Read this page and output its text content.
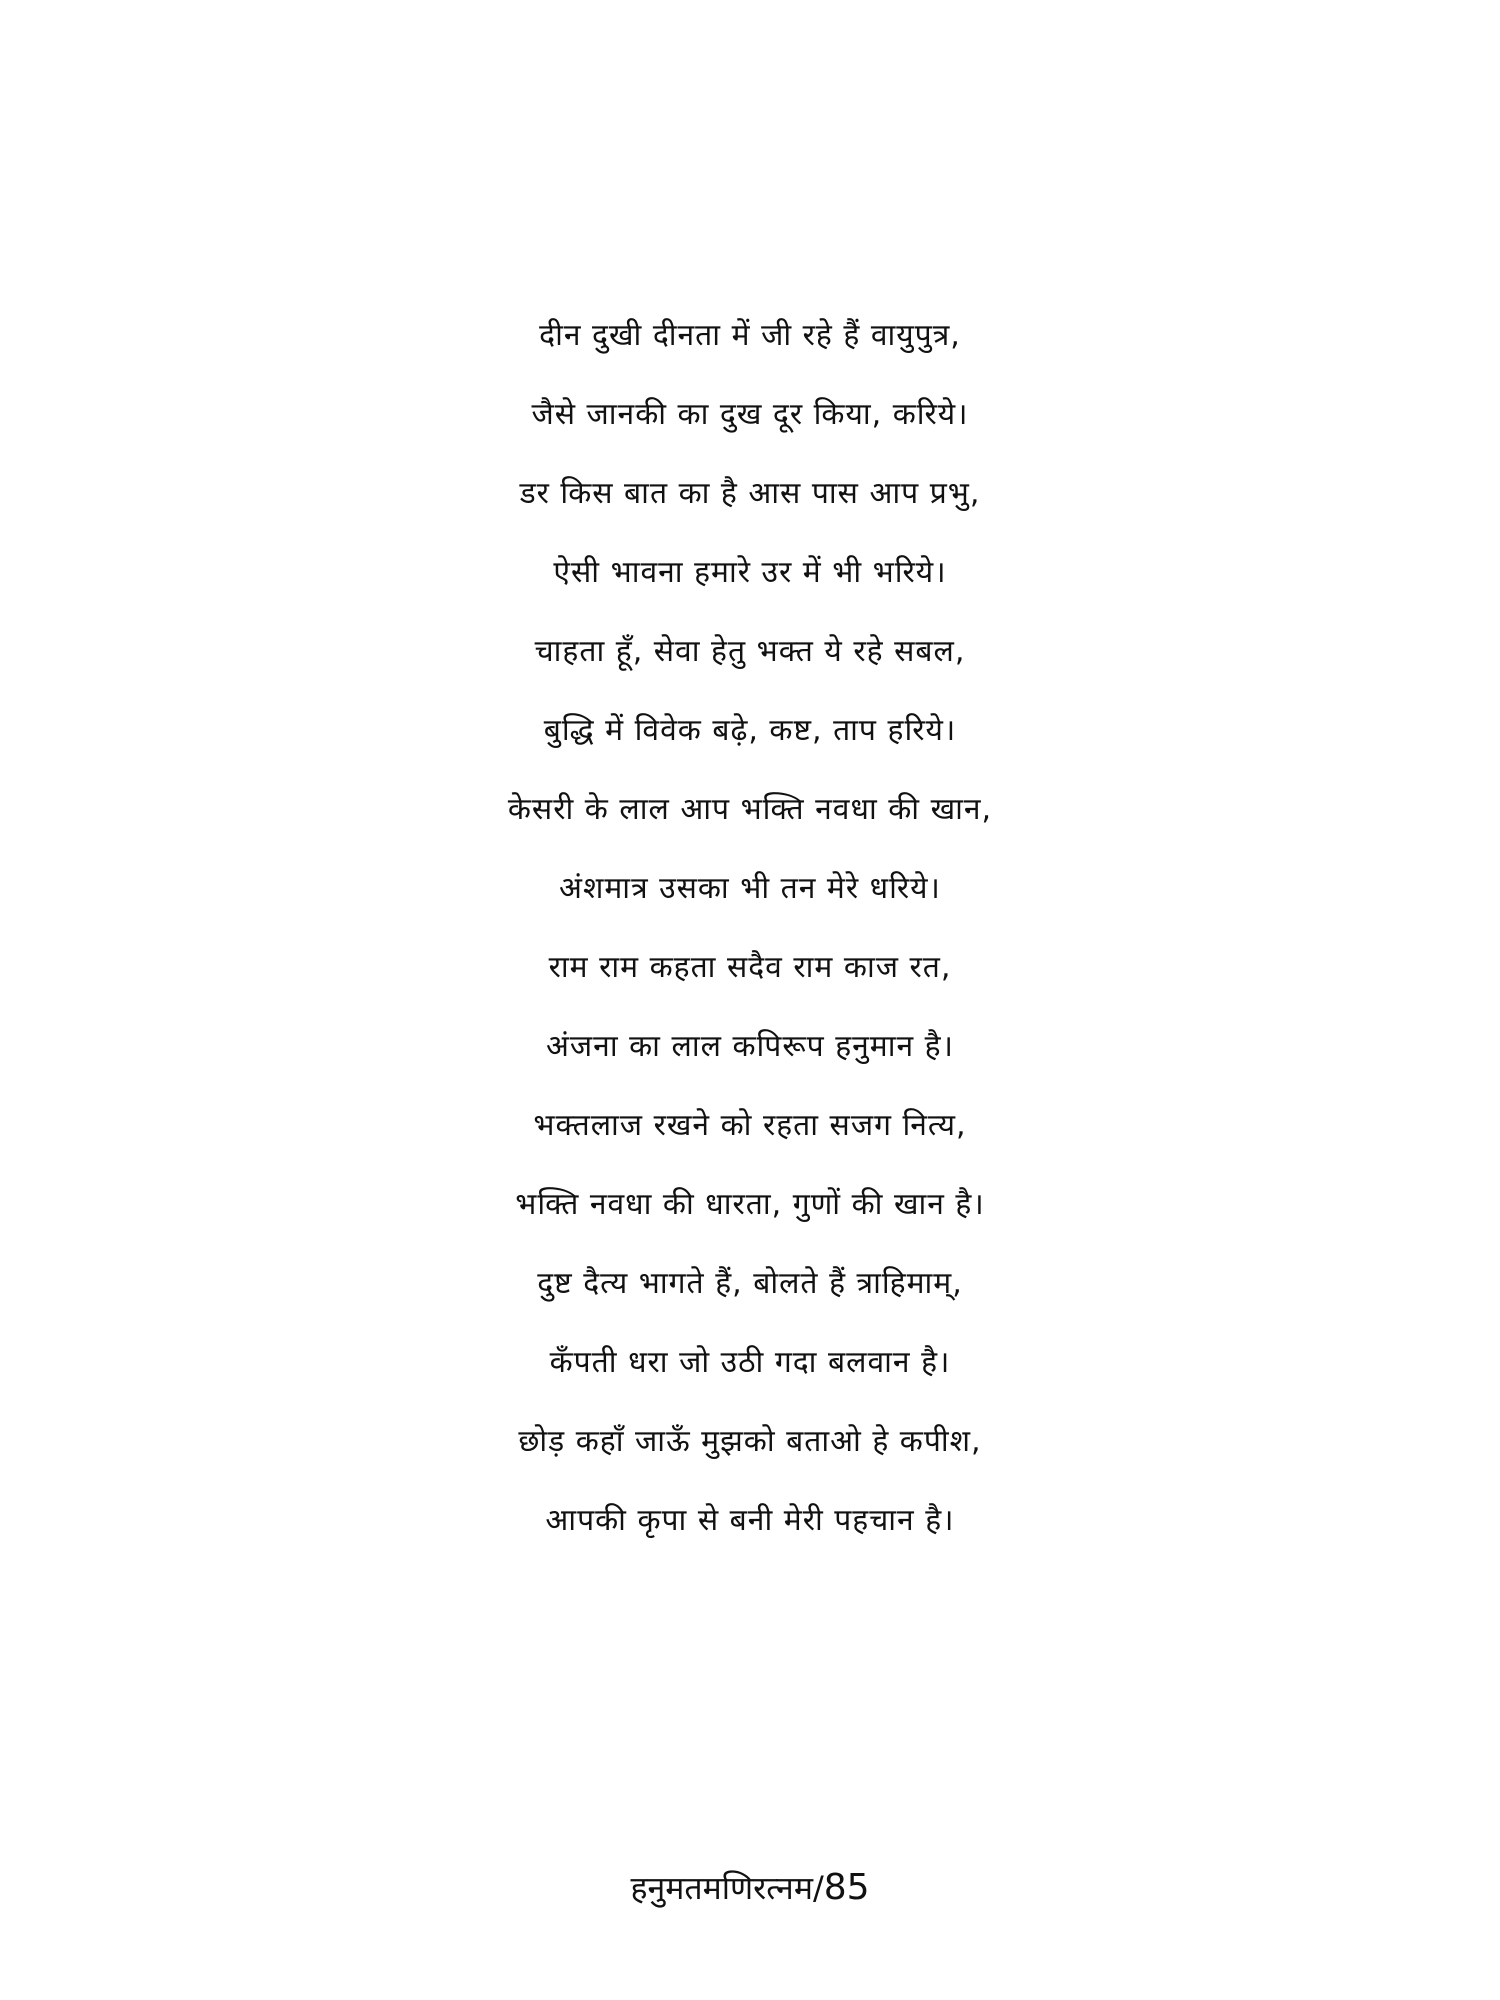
दीन दुखी दीनता में जी रहे हैं वायुपुत्र,
जैसे जानकी का दुख दूर किया, करिये।
डर किस बात का है आस पास आप प्रभु,
ऐसी भावना हमारे उर में भी भरिये।
चाहता हूँ, सेवा हेतु भक्त ये रहे सबल,
बुद्धि में विवेक बढ़े, कष्ट, ताप हरिये।
केसरी के लाल आप भक्ति नवधा की खान,
अंशमात्र उसका भी तन मेरे धरिये।
राम राम कहता सदैव राम काज रत,
अंजना का लाल कपिरूप हनुमान है।
भक्तलाज रखने को रहता सजग नित्य,
भक्ति नवधा की धारता, गुणों की खान है।
दुष्ट दैत्य भागते हैं, बोलते हैं त्राहिमाम्,
कँपती धरा जो उठी गदा बलवान है।
छोड़ कहाँ जाऊँ मुझको बताओ हे कपीश,
आपकी कृपा से बनी मेरी पहचान है।
हनुमतमणिरत्नम/85
